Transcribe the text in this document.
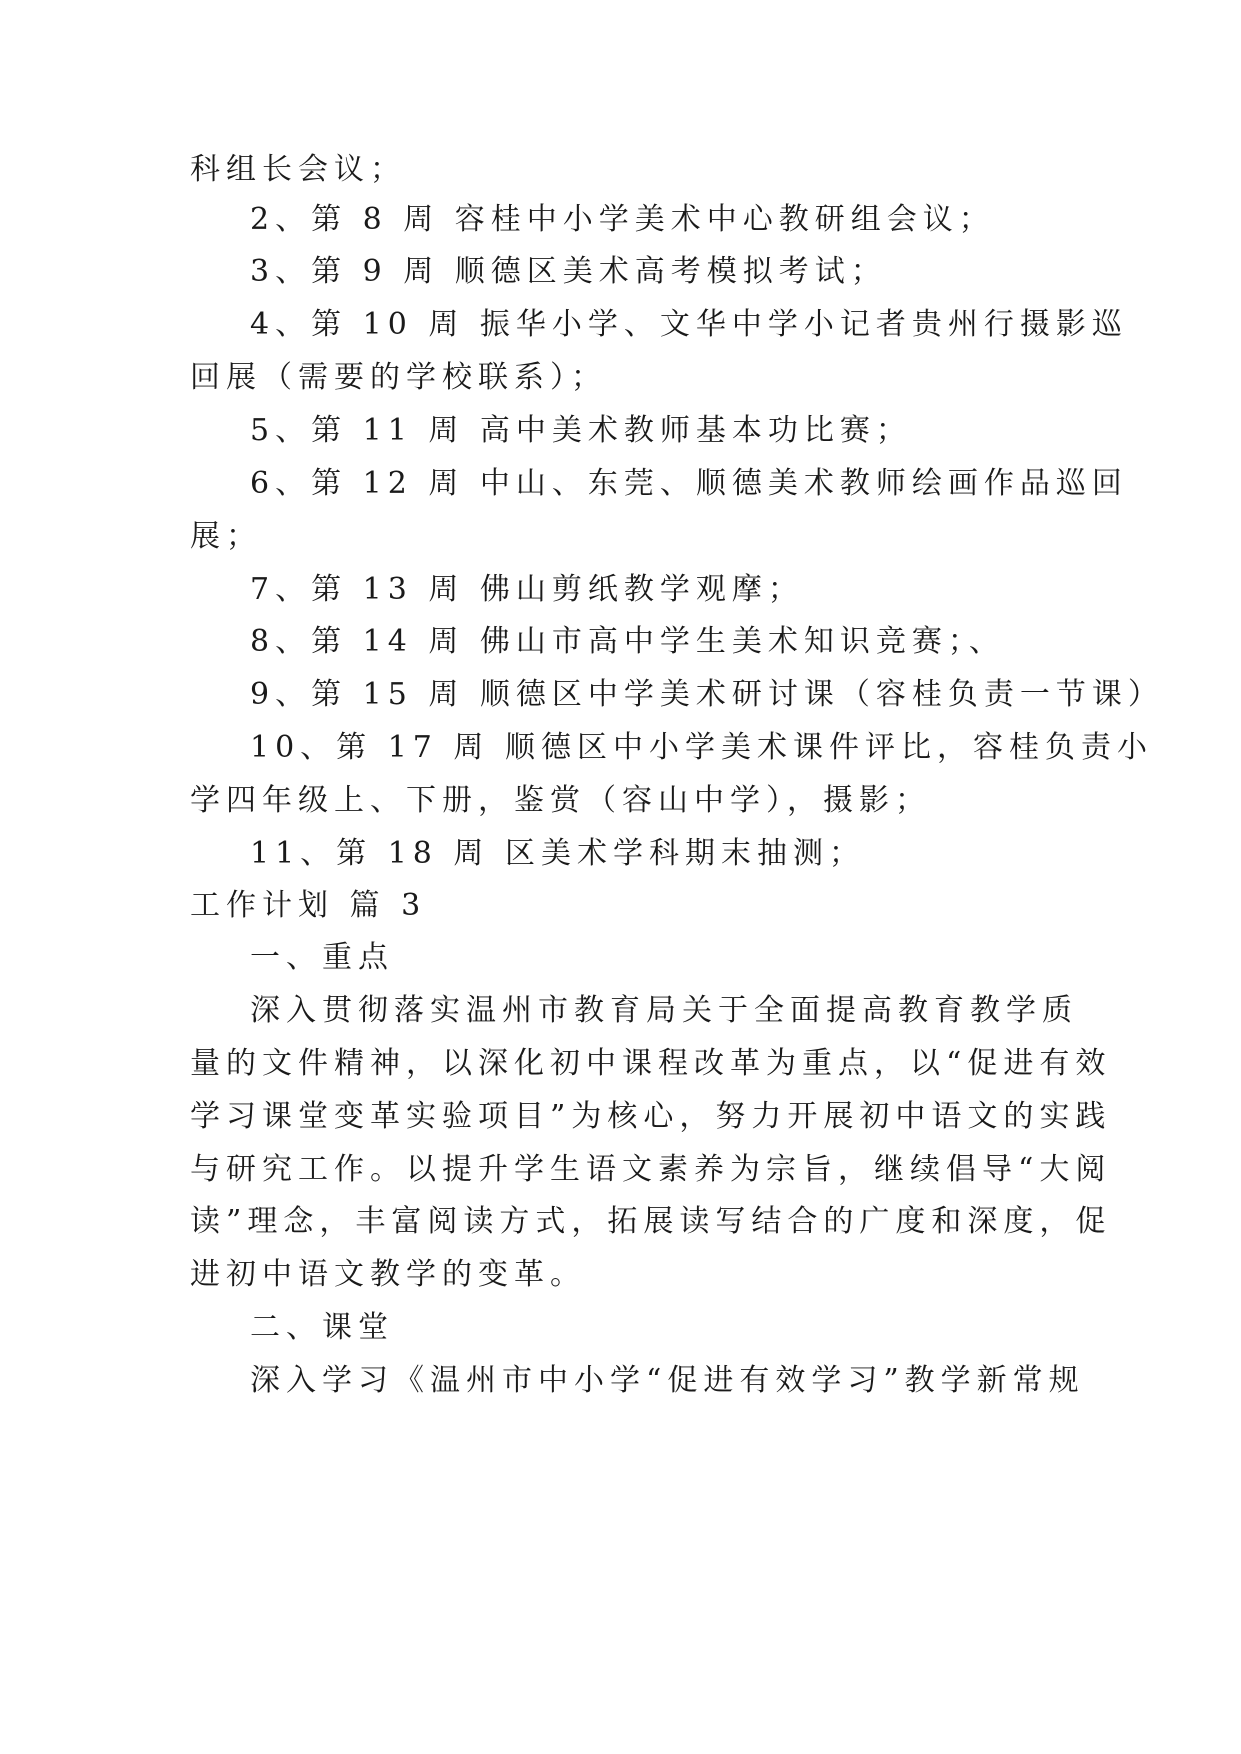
科组长会议；
2、第 8 周 容桂中小学美术中心教研组会议；
3、第 9 周 顺德区美术高考模拟考试；
4、第 10 周 振华小学、文华中学小记者贵州行摄影巡
回展（需要的学校联系）；
5、第 11 周 高中美术教师基本功比赛；
6、第 12 周 中山、东莞、顺德美术教师绘画作品巡回
展；
7、第 13 周 佛山剪纸教学观摩；
8、第 14 周 佛山市高中学生美术知识竞赛；、
9、第 15 周 顺德区中学美术研讨课（容桂负责一节课）
10、第 17 周 顺德区中小学美术课件评比，容桂负责小
学四年级上、下册，鉴赏（容山中学），摄影；
11、第 18 周 区美术学科期末抽测；
工作计划 篇 3
一、重点
深入贯彻落实温州市教育局关于全面提高教育教学质
量的文件精神，以深化初中课程改革为重点，以“促进有效
学习课堂变革实验项目”为核心，努力开展初中语文的实践
与研究工作。以提升学生语文素养为宗旨，继续倡导“大阅
读”理念，丰富阅读方式，拓展读写结合的广度和深度，促
进初中语文教学的变革。
二、课堂
深入学习《温州市中小学“促进有效学习”教学新常规
